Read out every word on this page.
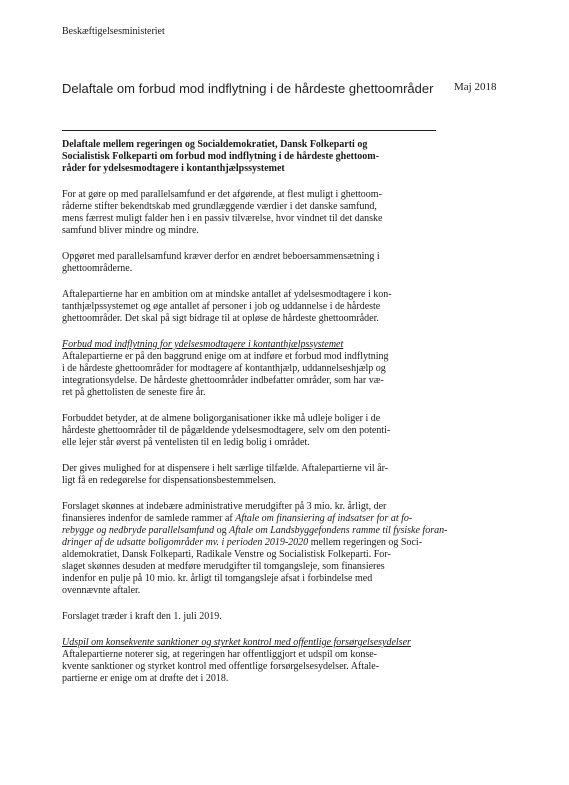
Beskæftigelsesministeriet
Delaftale om forbud mod indflytning i de hårdeste ghettoområder Maj 2018

Delaftale mellem regeringen og Socialdemokratiet, Dansk Folkeparti og

Socialistisk Folkeparti om forbud mod indflytning i de hårdeste ghettoom-

råder for ydelsesmodtagere i kontanthjælpssystemet

For at gøre op med parallelsamfund er det afgørende, at flest muligt i ghettoom-

råderne stifter bekendtskab med grundlæggende værdier i det danske samfund,

mens færrest muligt falder hen i en passiv tilværelse, hvor vindnet til det danske

samfund bliver mindre og mindre.

Opgøret med parallelsamfund kræver derfor en ændret beboersammensætning i

ghettoområderne.

Aftalepartierne har en ambition om at mindske antallet af ydelsesmodtagere i kon-

tanthjælpssystemet og øge antallet af personer i job og uddannelse i de hårdeste

ghettoområder. Det skal på sigt bidrage til at opløse de hårdeste ghettoområder.

Forbud mod indflytning for ydelsesmodtagere i kontanthjælpssystemet

Aftalepartierne er på den baggrund enige om at indføre et forbud mod indflytning

i de hårdeste ghettoområder for modtagere af kontanthjælp, uddannelseshjælp og

integrationsydelse. De hårdeste ghettoområder indbefatter områder, som har væ-

ret på ghettolisten de seneste fire år.

Forbuddet betyder, at de almene boligorganisationer ikke må udleje boliger i de

hårdeste ghettoområder til de pågældende ydelsesmodtagere, selv om den potenti-

elle lejer står øverst på ventelisten til en ledig bolig i området.

Der gives mulighed for at dispensere i helt særlige tilfælde. Aftalepartierne vil år-

ligt få en redegørelse for dispensationsbestemmelsen.

Forslaget skønnes at indebære administrative merudgifter på 3 mio. kr. årligt, der

finansieres indenfor de samlede rammer af Aftale om finansiering af indsatser for at fo-

rebygge og nedbryde parallelsamfund og Aftale om Landsbyggefondens ramme til fysiske foran-

dringer af de udsatte boligområder mv. i perioden 2019-2020 mellem regeringen og Soci-

aldemokratiet, Dansk Folkeparti, Radikale Venstre og Socialistisk Folkeparti. For-

slaget skønnes desuden at medføre merudgifter til tomgangsleje, som finansieres

indenfor en pulje på 10 mio. kr. årligt til tomgangsleje afsat i forbindelse med

ovennævnte aftaler.

Forslaget træder i kraft den 1. juli 2019.

Udspil om konsekvente sanktioner og styrket kontrol med offentlige forsørgelsesydelser

Aftalepartierne noterer sig, at regeringen har offentliggjort et udspil om konse-

kvente sanktioner og styrket kontrol med offentlige forsørgelsesydelser. Aftale-

partierne er enige om at drøfte det i 2018.
